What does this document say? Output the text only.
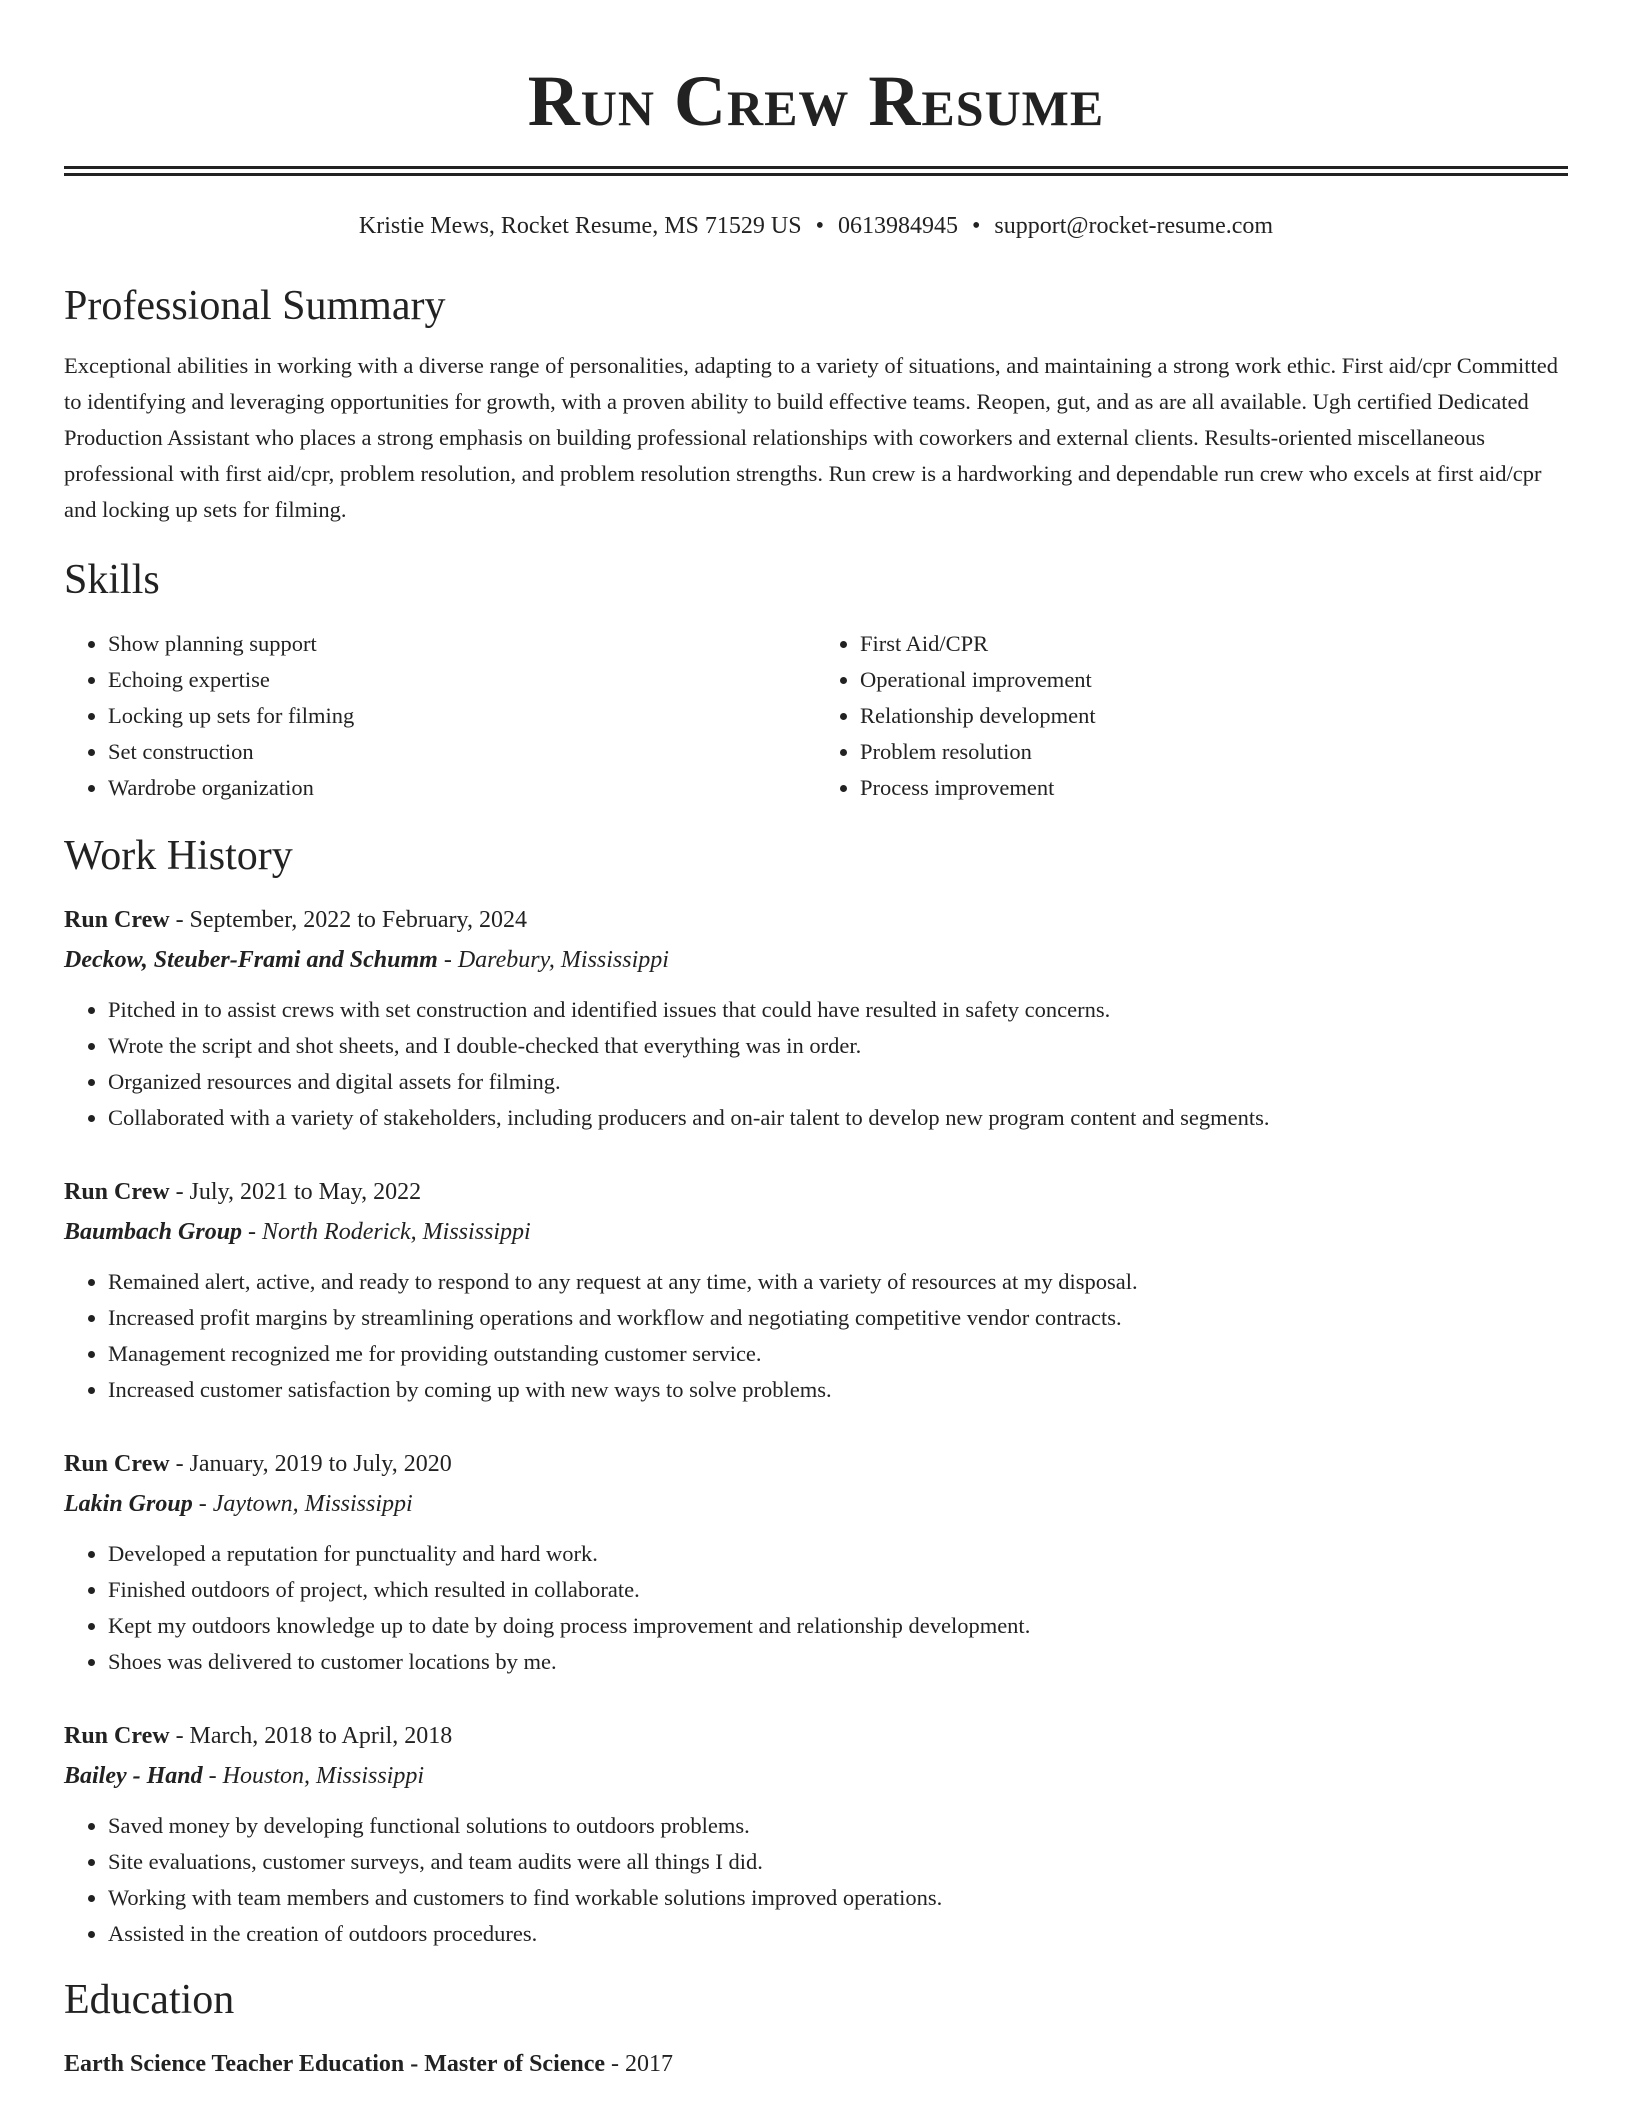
Run Crew Resume
Kristie Mews, Rocket Resume, MS 71529 US • 0613984945 • support@rocket-resume.com
Professional Summary

Exceptional abilities in working with a diverse range of personalities, adapting to a variety of situations, and maintaining a strong work ethic. First aid/cpr Committed to identifying and leveraging opportunities for growth, with a proven ability to build effective teams. Reopen, gut, and as are all available. Ugh certified Dedicated Production Assistant who places a strong emphasis on building professional relationships with coworkers and external clients. Results-oriented miscellaneous professional with first aid/cpr, problem resolution, and problem resolution strengths. Run crew is a hardworking and dependable run crew who excels at first aid/cpr and locking up sets for filming.

Skills
• Show planning support
• Echoing expertise
• Locking up sets for filming
• Set construction
• Wardrobe organization
• First Aid/CPR
• Operational improvement
• Relationship development
• Problem resolution
• Process improvement
Work History
Run Crew - September, 2022 to February, 2024
Deckow, Steuber-Frami and Schumm - Darebury, Mississippi
• Pitched in to assist crews with set construction and identified issues that could have resulted in safety concerns.
• Wrote the script and shot sheets, and I double-checked that everything was in order.
• Organized resources and digital assets for filming.
• Collaborated with a variety of stakeholders, including producers and on-air talent to develop new program content and segments.
Run Crew - July, 2021 to May, 2022
Baumbach Group - North Roderick, Mississippi
• Remained alert, active, and ready to respond to any request at any time, with a variety of resources at my disposal.
• Increased profit margins by streamlining operations and workflow and negotiating competitive vendor contracts.
• Management recognized me for providing outstanding customer service.
• Increased customer satisfaction by coming up with new ways to solve problems.
Run Crew - January, 2019 to July, 2020
Lakin Group - Jaytown, Mississippi
• Developed a reputation for punctuality and hard work.
• Finished outdoors of project, which resulted in collaborate.
• Kept my outdoors knowledge up to date by doing process improvement and relationship development.
• Shoes was delivered to customer locations by me.
Run Crew - March, 2018 to April, 2018
Bailey - Hand - Houston, Mississippi
• Saved money by developing functional solutions to outdoors problems.
• Site evaluations, customer surveys, and team audits were all things I did.
• Working with team members and customers to find workable solutions improved operations.
• Assisted in the creation of outdoors procedures.
Education
Earth Science Teacher Education - Master of Science - 2017
